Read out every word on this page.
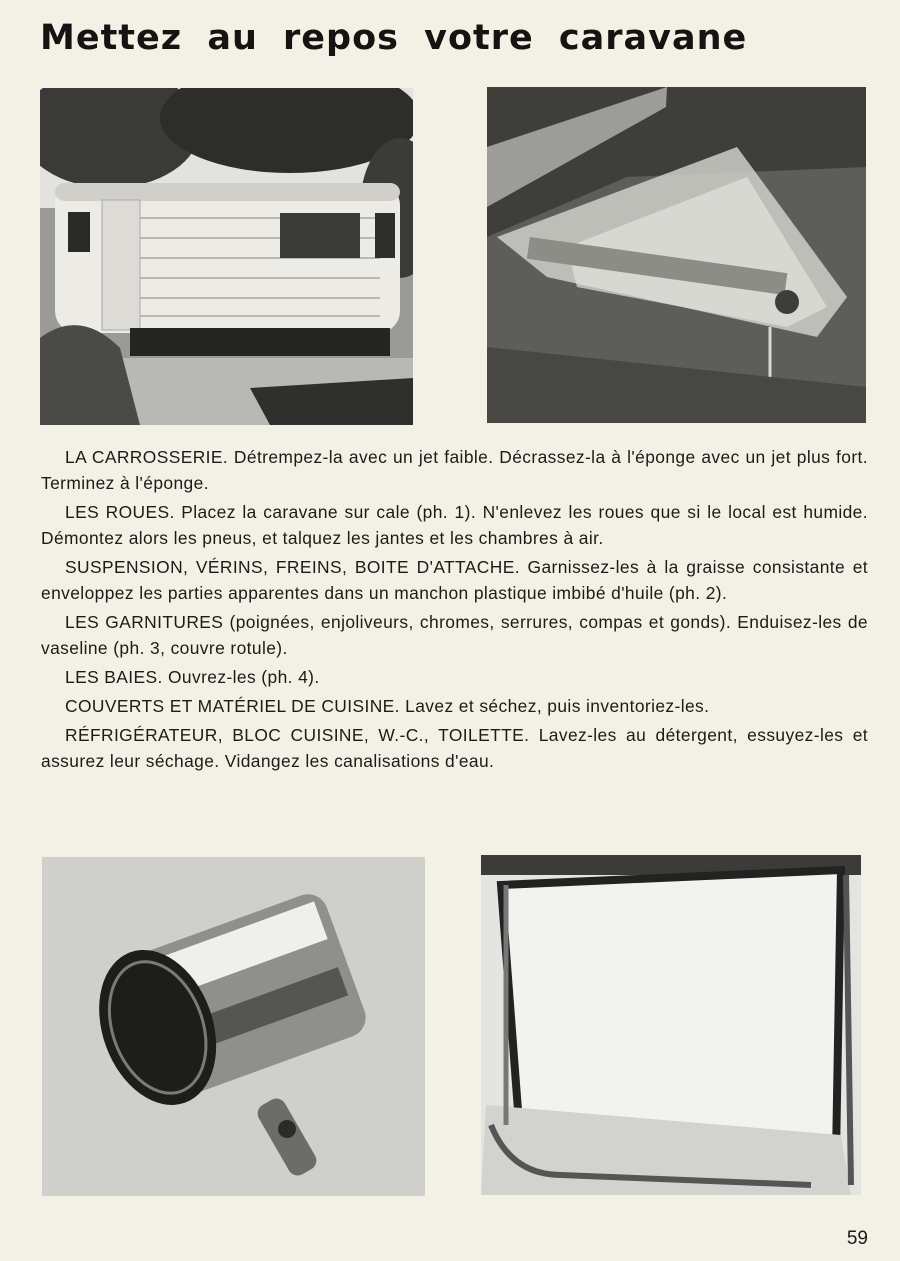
Mettez au repos votre caravane

LA CARROSSERIE. Détrempez-la avec un jet faible. Décrassez-la à l'éponge avec un jet plus fort. Terminez à l'éponge.

LES ROUES. Placez la caravane sur cale (ph. 1). N'enlevez les roues que si le local est humide. Démontez alors les pneus, et talquez les jantes et les chambres à air.

SUSPENSION, VÉRINS, FREINS, BOITE D'ATTACHE. Garnissez-les à la graisse consistante et enveloppez les parties apparentes dans un manchon plastique imbibé d'huile (ph. 2).

LES GARNITURES (poignées, enjoliveurs, chromes, serrures, compas et gonds). Enduisez-les de vaseline (ph. 3, couvre rotule).

LES BAIES. Ouvrez-les (ph. 4).

COUVERTS ET MATÉRIEL DE CUISINE. Lavez et séchez, puis inventoriez-les.

RÉFRIGÉRATEUR, BLOC CUISINE, W.-C., TOILETTE. Lavez-les au détergent, essuyez-les et assurez leur séchage. Vidangez les canalisations d'eau.

59
